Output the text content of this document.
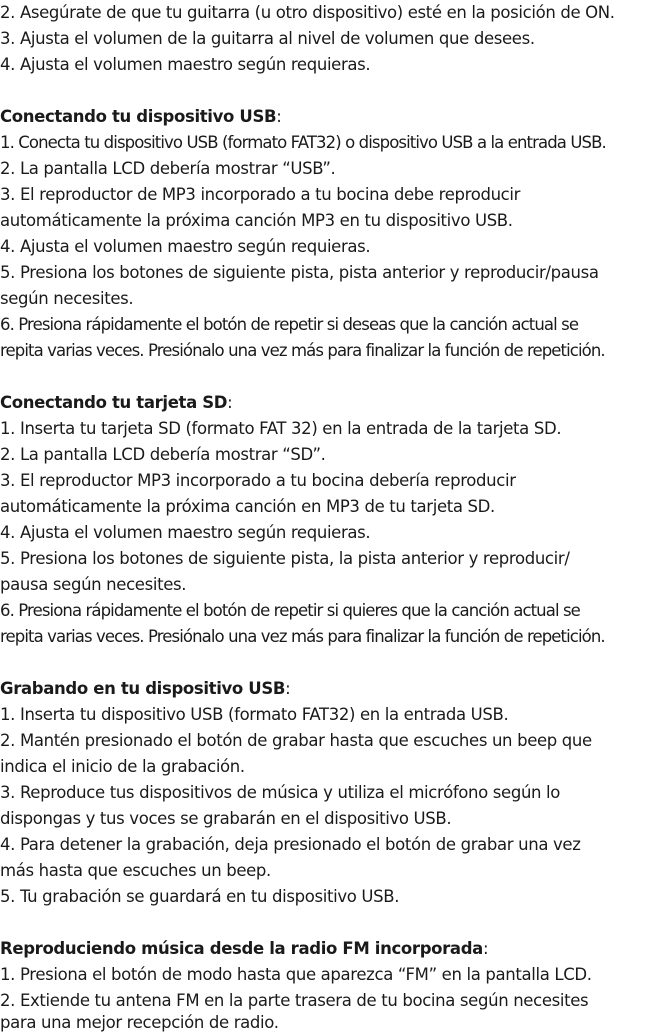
2. Asegúrate de que tu guitarra (u otro dispositivo) esté en la posición de ON.
3. Ajusta el volumen de la guitarra al nivel de volumen que desees.
4. Ajusta el volumen maestro según requieras.
Conectando tu dispositivo USB:
1. Conecta tu dispositivo USB (formato FAT32) o dispositivo USB a la entrada USB.
2. La pantalla LCD debería mostrar “USB”.
3. El reproductor de MP3 incorporado a tu bocina debe reproducir
automáticamente la próxima canción MP3 en tu dispositivo USB.
4. Ajusta el volumen maestro según requieras.
5. Presiona los botones de siguiente pista, pista anterior y reproducir/pausa
según necesites.
6. Presiona rápidamente el botón de repetir si deseas que la canción actual se
repita varias veces. Presiónalo una vez más para finalizar la función de repetición.
Conectando tu tarjeta SD:
1. Inserta tu tarjeta SD (formato FAT 32) en la entrada de la tarjeta SD.
2. La pantalla LCD debería mostrar “SD”.
3. El reproductor MP3 incorporado a tu bocina debería reproducir
automáticamente la próxima canción en MP3 de tu tarjeta SD.
4. Ajusta el volumen maestro según requieras.
5. Presiona los botones de siguiente pista, la pista anterior y reproducir/
pausa según necesites.
6. Presiona rápidamente el botón de repetir si quieres que la canción actual se
repita varias veces. Presiónalo una vez más para finalizar la función de repetición.
Grabando en tu dispositivo USB:
1. Inserta tu dispositivo USB (formato FAT32) en la entrada USB.
2. Mantén presionado el botón de grabar hasta que escuches un beep que
indica el inicio de la grabación.
3. Reproduce tus dispositivos de música y utiliza el micrófono según lo
dispongas y tus voces se grabarán en el dispositivo USB.
4. Para detener la grabación, deja presionado el botón de grabar una vez
más hasta que escuches un beep.
5. Tu grabación se guardará en tu dispositivo USB.
Reproduciendo música desde la radio FM incorporada:
1. Presiona el botón de modo hasta que aparezca “FM” en la pantalla LCD.
2. Extiende tu antena FM en la parte trasera de tu bocina según necesites
para una mejor recepción de radio.
